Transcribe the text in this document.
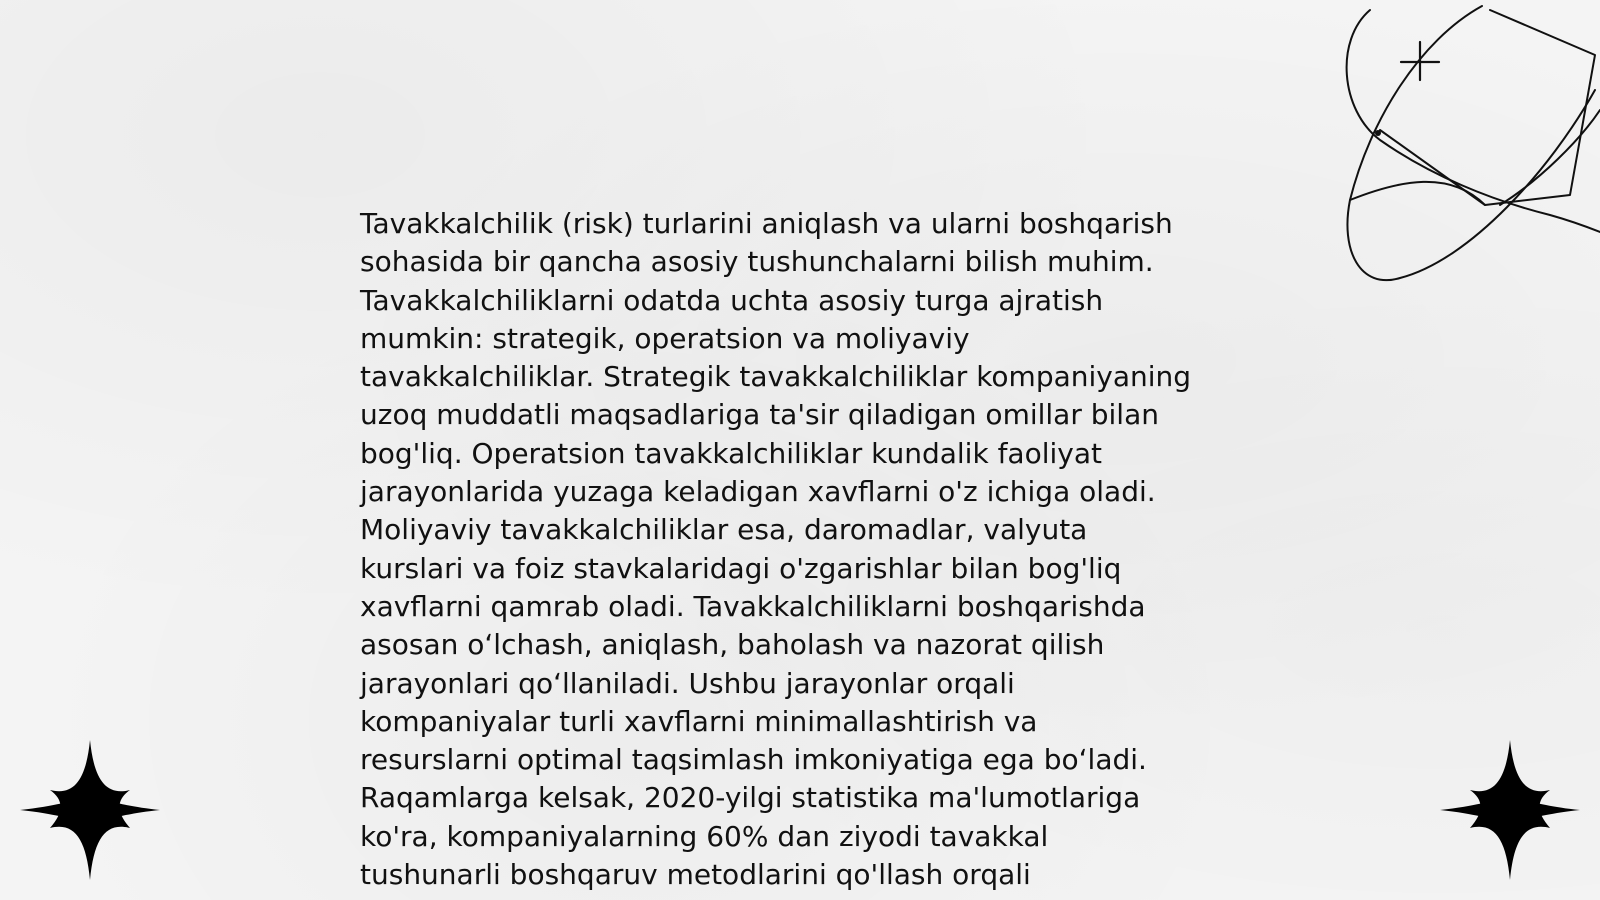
Tavakkalchilik (risk) turlarini aniqlash va ularni boshqarish
sohasida bir qancha asosiy tushunchalarni bilish muhim.
Tavakkalchiliklarni odatda uchta asosiy turga ajratish
mumkin: strategik, operatsion va moliyaviy
tavakkalchiliklar. Strategik tavakkalchiliklar kompaniyaning
uzoq muddatli maqsadlariga ta'sir qiladigan omillar bilan
bog'liq. Operatsion tavakkalchiliklar kundalik faoliyat
jarayonlarida yuzaga keladigan xavflarni o'z ichiga oladi.
Moliyaviy tavakkalchiliklar esa, daromadlar, valyuta
kurslari va foiz stavkalaridagi o'zgarishlar bilan bog'liq
xavflarni qamrab oladi. Tavakkalchiliklarni boshqarishda
asosan oʻlchash, aniqlash, baholash va nazorat qilish
jarayonlari qoʻllaniladi. Ushbu jarayonlar orqali
kompaniyalar turli xavflarni minimallashtirish va
resurslarni optimal taqsimlash imkoniyatiga ega boʻladi.
Raqamlarga kelsak, 2020-yilgi statistika ma'lumotlariga
ko'ra, kompaniyalarning 60% dan ziyodi tavakkal
tushunarli boshqaruv metodlarini qo'llash orqali
